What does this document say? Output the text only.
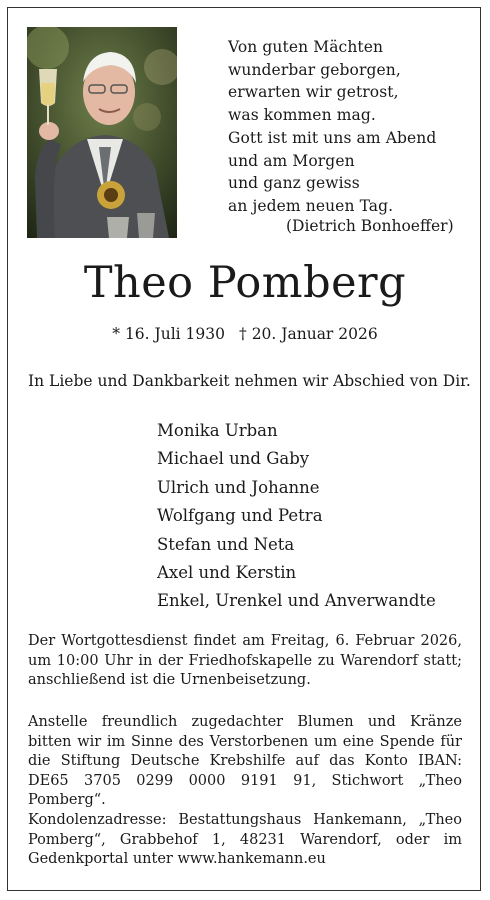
Von guten Mächten
wunderbar geborgen,
erwarten wir getrost,
was kommen mag.
Gott ist mit uns am Abend
und am Morgen
und ganz gewiss
an jedem neuen Tag.
(Dietrich Bonhoeffer)
Theo Pomberg
* 16. Juli 1930 † 20. Januar 2026
In Liebe und Dankbarkeit nehmen wir Abschied von Dir.
Monika Urban
Michael und Gaby
Ulrich und Johanne
Wolfgang und Petra
Stefan und Neta
Axel und Kerstin
Enkel, Urenkel und Anverwandte
Der Wortgottesdienst findet am Freitag, 6. Februar 2026, um 10:00 Uhr in der Friedhofskapelle zu Warendorf statt; anschließend ist die Urnenbeisetzung.
Anstelle freundlich zugedachter Blumen und Kränze bitten wir im Sinne des Verstorbenen um eine Spende für die Stiftung Deutsche Krebshilfe auf das Konto IBAN: DE65 3705 0299 0000 9191 91, Stichwort „Theo Pomberg“.
Kondolenzadresse: Bestattungshaus Hankemann, „Theo Pomberg“, Grabbehof 1, 48231 Warendorf, oder im Gedenkportal unter www.hankemann.eu
